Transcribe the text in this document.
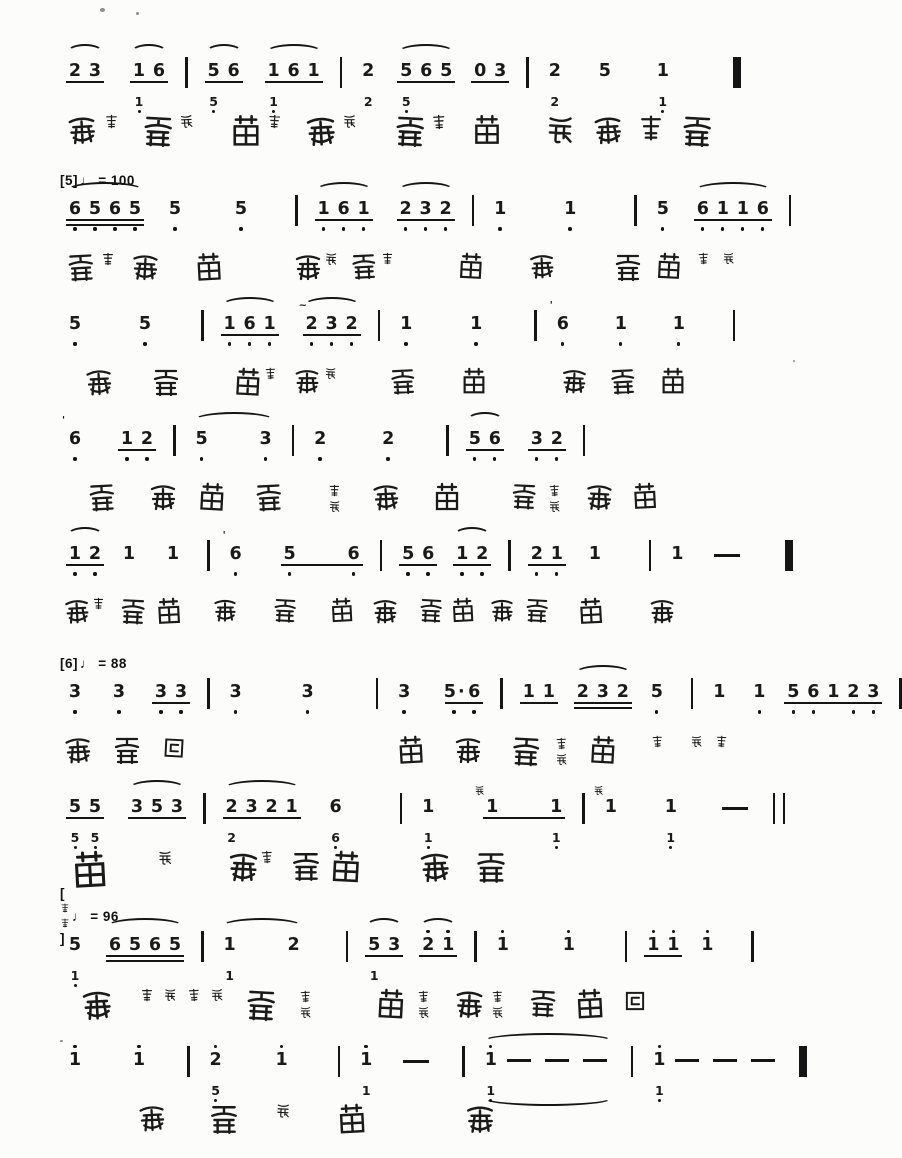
2 3 1
1
6 5
5
6 1
1
6 1 2
2
5
5
6 5 0 3 2
2
5	1
1
[5] ♩ = 100
6 5 6 5 5	5	1 6 1 2 3 2 1	1	5 6 1 1 6
5	5	1 6 1
~
2 3 2 1	1
'
6	1	1
'
6 1 2 5	3 2	2	5 6 3 2
1 2 1 1
'
6 5	6 5 6 1 2 2 1 1	1
[6] ♩ = 88
3 3 3 3 3	3	3 5 · 6 1 1 2 3 2 5	1 1 5 6 1 2 3
5
5
5
5
3 5 3 2
2
3 2 1 6
6
1
1
1	1
1
1	1
1
[]
♩ = 96
5
1
6 5 6 5 1
1
2	5
1
3 2 1 1	1	1 1 1
1	1	2
5
1	1
1
1
1
1
1
